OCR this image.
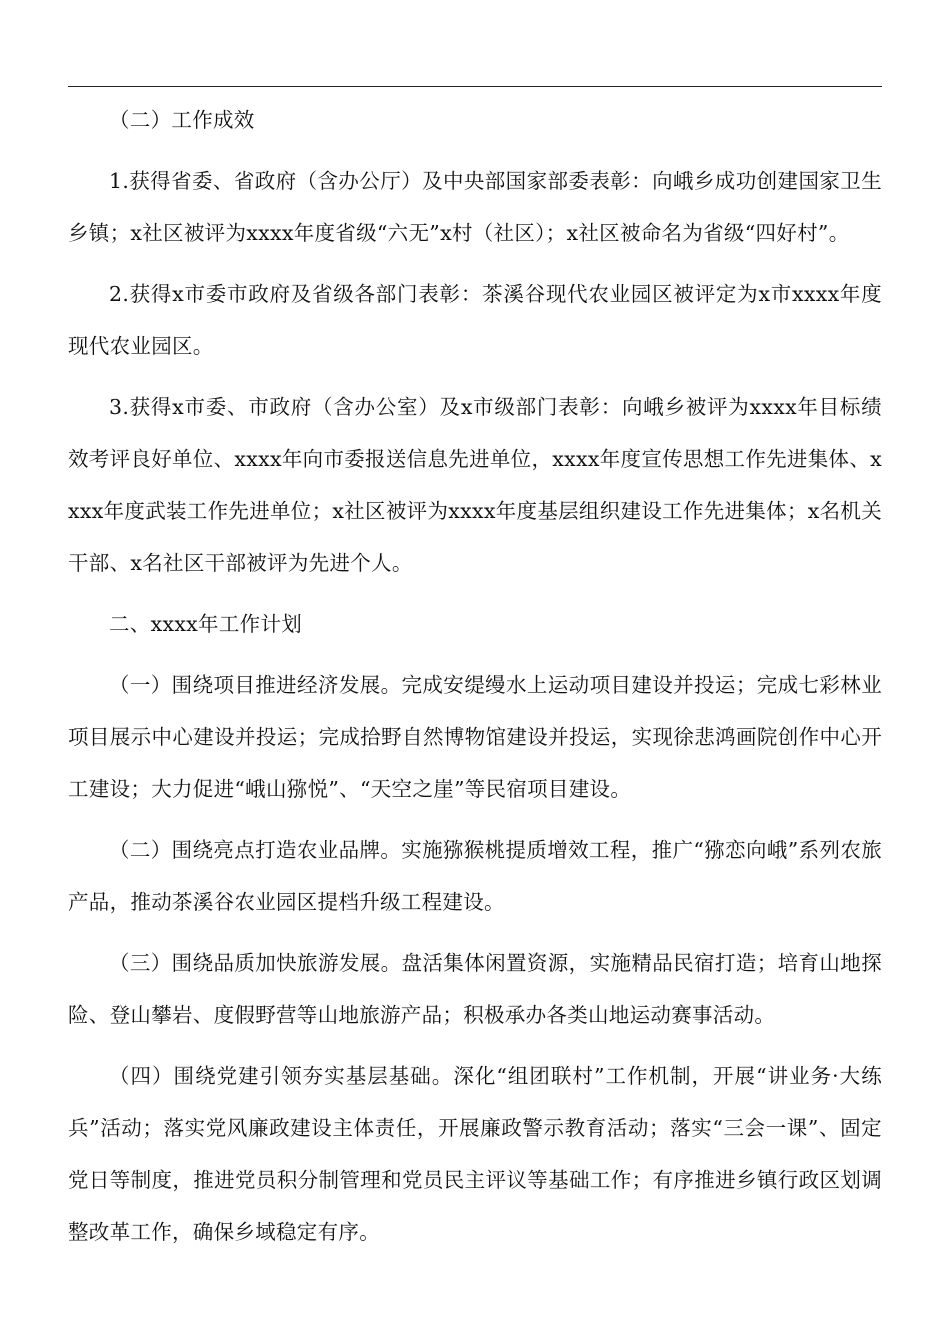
（二）工作成效

1.获得省委、省政府（含办公厅）及中央部国家部委表彰：向峨乡成功创建国家卫生乡镇；x社区被评为xxxx年度省级“六无”x村（社区）；x社区被命名为省级“四好村”。

2.获得x市委市政府及省级各部门表彰：茶溪谷现代农业园区被评定为x市xxxx年度现代农业园区。

3.获得x市委、市政府（含办公室）及x市级部门表彰：向峨乡被评为xxxx年目标绩效考评良好单位、xxxx年向市委报送信息先进单位，xxxx年度宣传思想工作先进集体、xxxx年度武装工作先进单位；x社区被评为xxxx年度基层组织建设工作先进集体；x名机关干部、x名社区干部被评为先进个人。

二、xxxx年工作计划

（一）围绕项目推进经济发展。完成安缇缦水上运动项目建设并投运；完成七彩林业项目展示中心建设并投运；完成拾野自然博物馆建设并投运，实现徐悲鸿画院创作中心开工建设；大力促进“峨山猕悦”、“天空之崖”等民宿项目建设。

（二）围绕亮点打造农业品牌。实施猕猴桃提质增效工程，推广“猕恋向峨”系列农旅产品，推动茶溪谷农业园区提档升级工程建设。

（三）围绕品质加快旅游发展。盘活集体闲置资源，实施精品民宿打造；培育山地探险、登山攀岩、度假野营等山地旅游产品；积极承办各类山地运动赛事活动。

（四）围绕党建引领夯实基层基础。深化“组团联村”工作机制，开展“讲业务·大练兵”活动；落实党风廉政建设主体责任，开展廉政警示教育活动；落实“三会一课”、固定党日等制度，推进党员积分制管理和党员民主评议等基础工作；有序推进乡镇行政区划调整改革工作，确保乡域稳定有序。
